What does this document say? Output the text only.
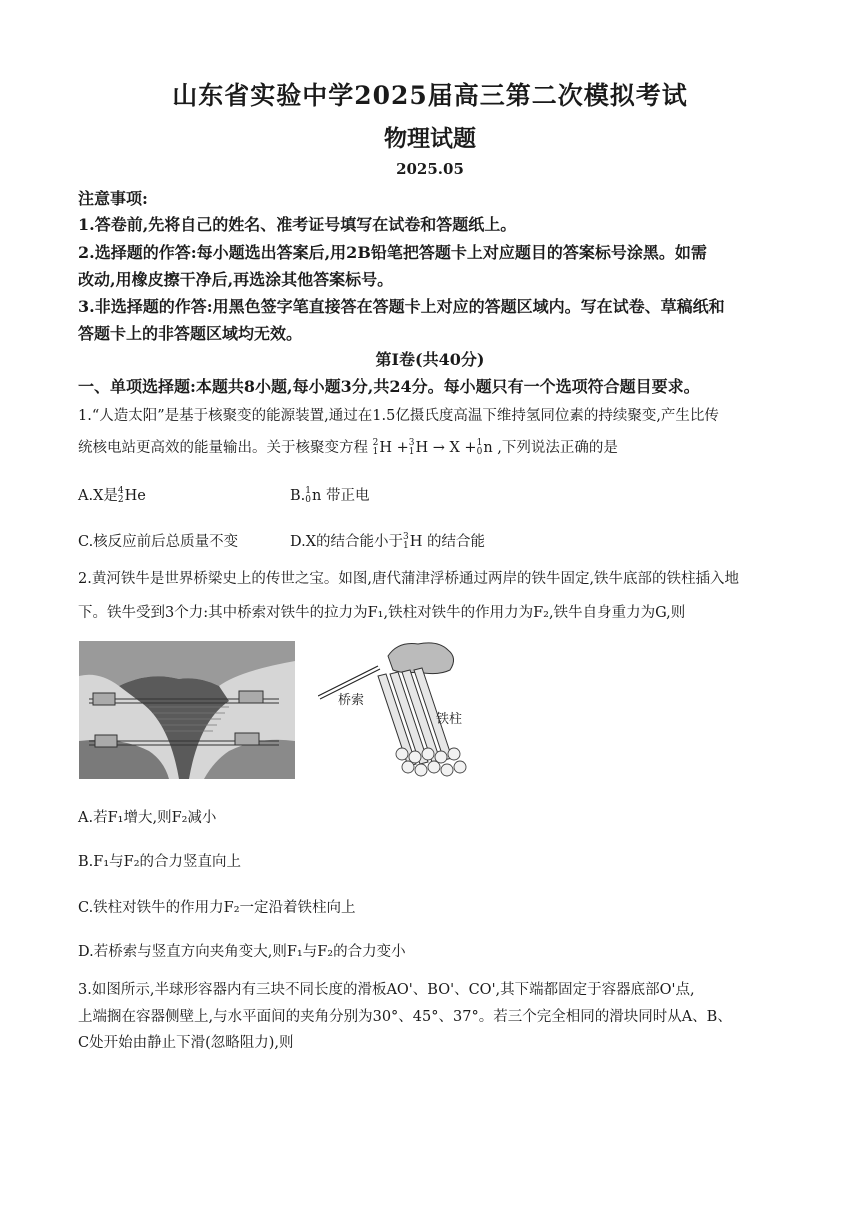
山东省实验中学2025届高三第二次模拟考试
物理试题
2025.05
注意事项:
1.答卷前,先将自己的姓名、准考证号填写在试卷和答题纸上。
2.选择题的作答:每小题选出答案后,用2B铅笔把答题卡上对应题目的答案标号涂黑。如需
改动,用橡皮擦干净后,再选涂其他答案标号。
3.非选择题的作答:用黑色签字笔直接答在答题卡上对应的答题区域内。写在试卷、草稿纸和
答题卡上的非答题区域均无效。
第Ⅰ卷(共40分)
一、单项选择题:本题共8小题,每小题3分,共24分。每小题只有一个选项符合题目要求。
1.“人造太阳”是基于核聚变的能源装置,通过在1.5亿摄氏度高温下维持氢同位素的持续聚变,产生比传
统核电站更高效的能量输出。关于核聚变方程 2
1 H + 3
1 H → X + 1
0 n ,下列说法正确的是
A.X是 4
2 He	B. 1
0 n 带正电
C.核反应前后总质量不变	D.X的结合能小于 3
1 H 的结合能
2.黄河铁牛是世界桥梁史上的传世之宝。如图,唐代蒲津浮桥通过两岸的铁牛固定,铁牛底部的铁柱插入地
下。铁牛受到3个力:其中桥索对铁牛的拉力为F₁,铁柱对铁牛的作用力为F₂,铁牛自身重力为G,则
桥索
铁柱
A.若F₁增大,则F₂减小
B.F₁与F₂的合力竖直向上
C.铁柱对铁牛的作用力F₂一定沿着铁柱向上
D.若桥索与竖直方向夹角变大,则F₁与F₂的合力变小
3.如图所示,半球形容器内有三块不同长度的滑板AO'、BO'、CO',其下端都固定于容器底部O'点,
上端搁在容器侧壁上,与水平面间的夹角分别为30°、45°、37°。若三个完全相同的滑块同时从A、B、
C处开始由静止下滑(忽略阻力),则
